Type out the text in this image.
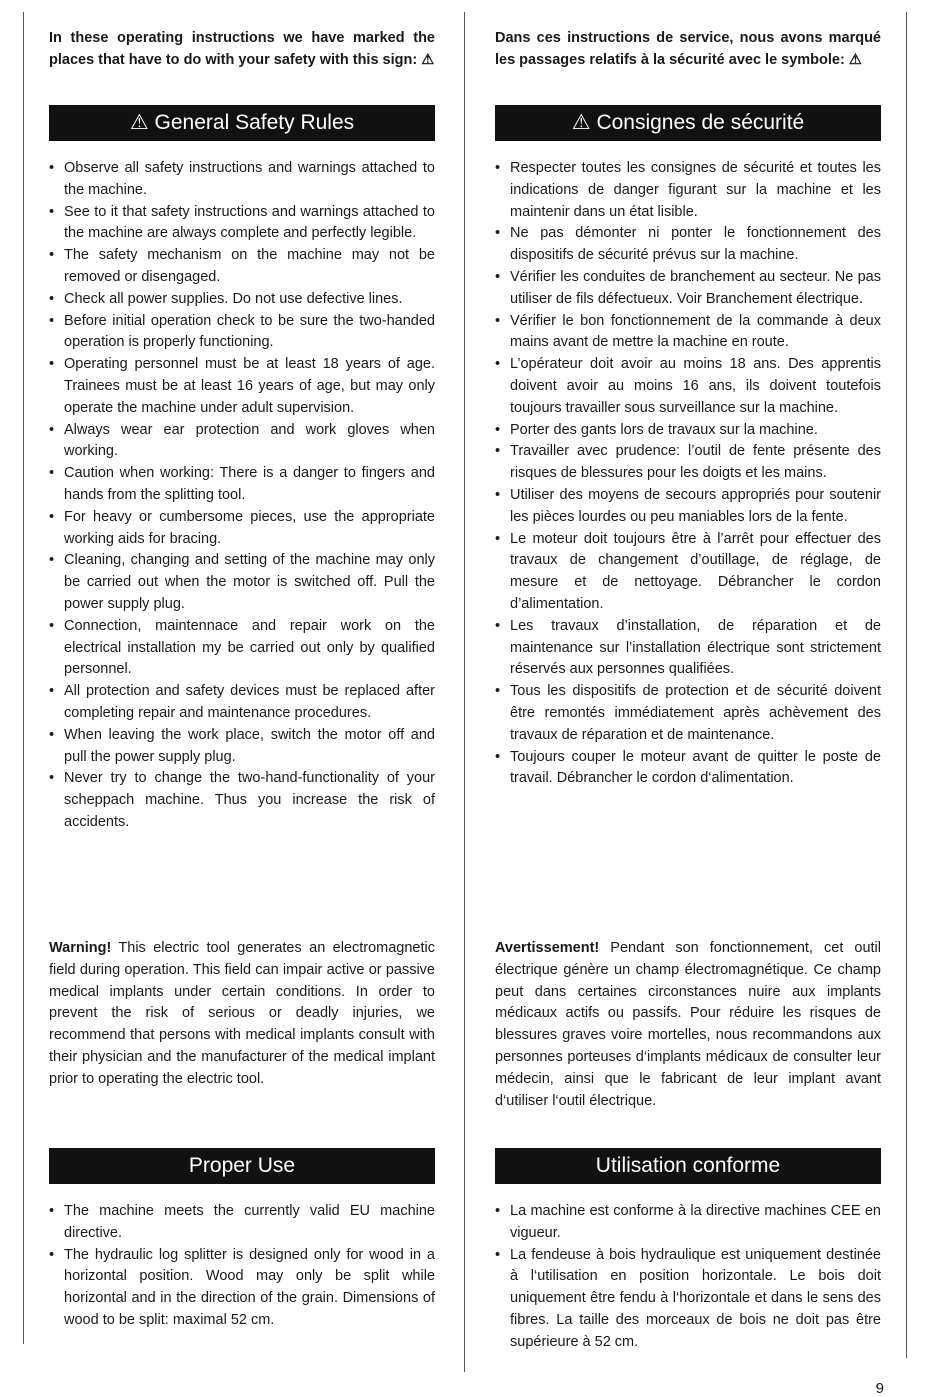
In these operating instructions we have marked the places that have to do with your safety with this sign: ⚠

⚠ General Safety Rules
• Observe all safety instructions and warnings attached to the machine.
• See to it that safety instructions and warnings attached to the machine are always complete and perfectly legible.
• The safety mechanism on the machine may not be removed or disengaged.
• Check all power supplies. Do not use defective lines.
• Before initial operation check to be sure the two-handed operation is properly functioning.
• Operating personnel must be at least 18 years of age. Trainees must be at least 16 years of age, but may only operate the machine under adult supervision.
• Always wear ear protection and work gloves when working.
• Caution when working: There is a danger to fingers and hands from the splitting tool.
• For heavy or cumbersome pieces, use the appropriate working aids for bracing.
• Cleaning, changing and setting of the machine may only be carried out when the motor is switched off. Pull the power supply plug.
• Connection, maintennace and repair work on the electrical installation my be carried out only by qualified personnel.
• All protection and safety devices must be replaced after completing repair and maintenance procedures.
• When leaving the work place, switch the motor off and pull the power supply plug.
• Never try to change the two-hand-functionality of your scheppach machine. Thus you increase the risk of accidents.

Warning! This electric tool generates an electromagnetic field during operation. This field can impair active or passive medical implants under certain conditions. In order to prevent the risk of serious or deadly injuries, we recommend that persons with medical implants consult with their physician and the manufacturer of the medical implant prior to operating the electric tool.

Proper Use
• The machine meets the currently valid EU machine directive.
• The hydraulic log splitter is designed only for wood in a horizontal position. Wood may only be split while horizontal and in the direction of the grain. Dimensions of wood to be split: maximal 52 cm.

Dans ces instructions de service, nous avons marqué les passages relatifs à la sécurité avec le symbole: ⚠

⚠ Consignes de sécurité
• Respecter toutes les consignes de sécurité et toutes les indications de danger figurant sur la machine et les maintenir dans un état lisible.
• Ne pas démonter ni ponter le fonctionnement des dispositifs de sécurité prévus sur la machine.
• Vérifier les conduites de branchement au secteur. Ne pas utiliser de fils défectueux. Voir Branchement électrique.
• Vérifier le bon fonctionnement de la commande à deux mains avant de mettre la machine en route.
• L’opérateur doit avoir au moins 18 ans. Des apprentis doivent avoir au moins 16 ans, ils doivent toutefois toujours travailler sous surveillance sur la machine.
• Porter des gants lors de travaux sur la machine.
• Travailler avec prudence: l’outil de fente présente des risques de blessures pour les doigts et les mains.
• Utiliser des moyens de secours appropriés pour soutenir les pièces lourdes ou peu maniables lors de la fente.
• Le moteur doit toujours être à l’arrêt pour effectuer des travaux de changement d’outillage, de réglage, de mesure et de nettoyage. Débrancher le cordon d’alimentation.
• Les travaux d’installation, de réparation et de maintenance sur l’installation électrique sont strictement réservés aux personnes qualifiées.
• Tous les dispositifs de protection et de sécurité doivent être remontés immédiatement après achèvement des travaux de réparation et de maintenance.
• Toujours couper le moteur avant de quitter le poste de travail. Débrancher le cordon d‘alimentation.

Avertissement! Pendant son fonctionnement, cet outil électrique génère un champ électromagnétique. Ce champ peut dans certaines circonstances nuire aux implants médicaux actifs ou passifs. Pour réduire les risques de blessures graves voire mortelles, nous recommandons aux personnes porteuses d‘implants médicaux de consulter leur médecin, ainsi que le fabricant de leur implant avant d‘utiliser l‘outil électrique.

Utilisation conforme
• La machine est conforme à la directive machines CEE en vigueur.
• La fendeuse à bois hydraulique est uniquement destinée à l‘utilisation en position horizontale. Le bois doit uniquement être fendu à l‘horizontale et dans le sens des fibres. La taille des morceaux de bois ne doit pas être supérieure à 52 cm.
9
